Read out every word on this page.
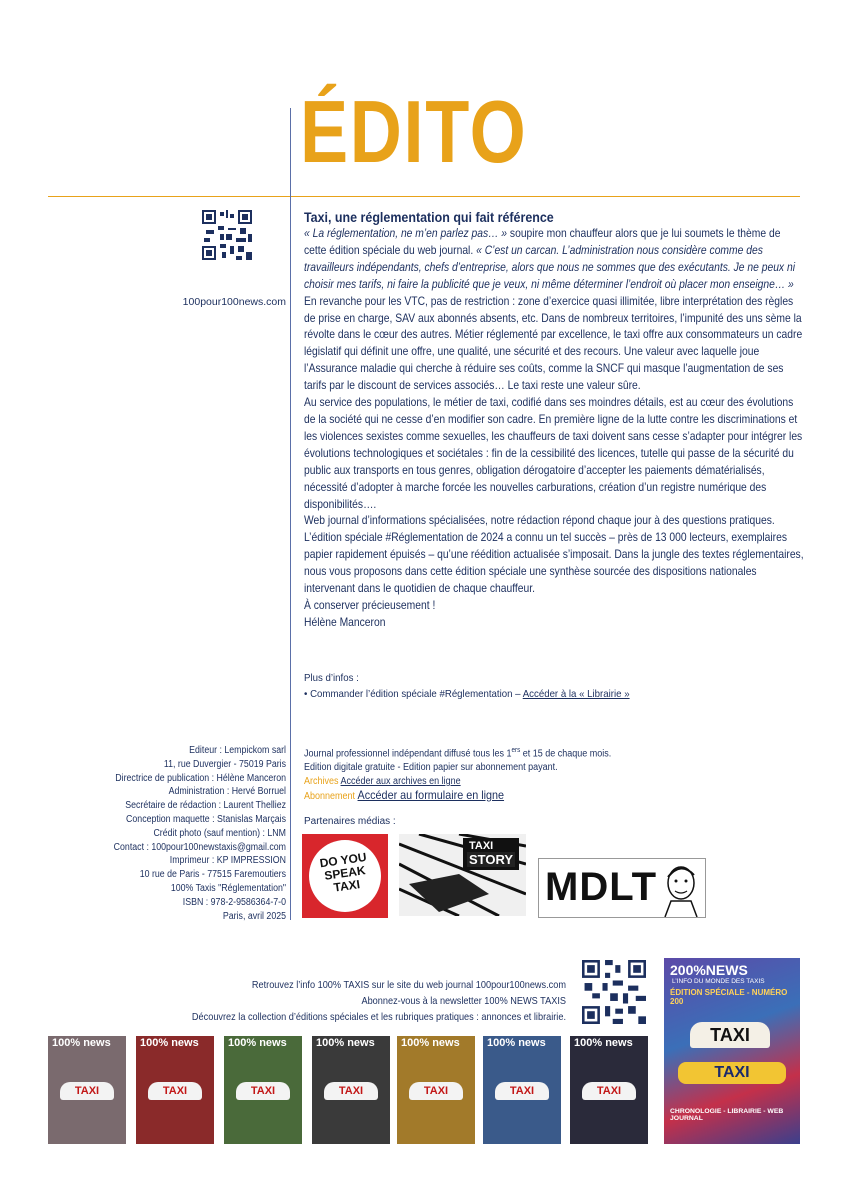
ÉDITO
100pour100news.com

Taxi, une réglementation qui fait référence

« La réglementation, ne m’en parlez pas… » soupire mon chauffeur alors que je lui soumets le thème de cette édition spéciale du web journal. « C’est un carcan. L’administration nous considère comme des travailleurs indépendants, chefs d’entreprise, alors que nous ne sommes que des exécutants. Je ne peux ni choisir mes tarifs, ni faire la publicité que je veux, ni même déterminer l’endroit où placer mon enseigne… » En revanche pour les VTC, pas de restriction : zone d’exercice quasi illimitée, libre interprétation des règles de prise en charge, SAV aux abonnés absents, etc. Dans de nombreux territoires, l’impunité des uns sème la révolte dans le cœur des autres. Métier réglementé par excellence, le taxi offre aux consommateurs un cadre législatif qui définit une offre, une qualité, une sécurité et des recours. Une valeur avec laquelle joue l’Assurance maladie qui cherche à réduire ses coûts, comme la SNCF qui masque l’augmentation de ses tarifs par le discount de services associés… Le taxi reste une valeur sûre.

Au service des populations, le métier de taxi, codifié dans ses moindres détails, est au cœur des évolutions de la société qui ne cesse d’en modifier son cadre. En première ligne de la lutte contre les discriminations et les violences sexistes comme sexuelles, les chauffeurs de taxi doivent sans cesse s’adapter pour intégrer les évolutions technologiques et sociétales : fin de la cessibilité des licences, tutelle qui passe de la sécurité du public aux transports en tous genres, obligation dérogatoire d’accepter les paiements dématérialisés, nécessité d’adopter à marche forcée les nouvelles carburations, création d’un registre numérique des disponibilités….

Web journal d’informations spécialisées, notre rédaction répond chaque jour à des questions pratiques. L’édition spéciale #Réglementation de 2024 a connu un tel succès – près de 13 000 lecteurs, exemplaires papier rapidement épuisés – qu’une réédition actualisée s’imposait. Dans la jungle des textes réglementaires, nous vous proposons dans cette édition spéciale une synthèse sourcée des dispositions nationales intervenant dans le quotidien de chaque chauffeur.

À conserver précieusement !

Hélène Manceron

Plus d’infos :
• Commander l’édition spéciale #Réglementation – Accéder à la « Librairie »
Editeur : Lempickom sarl
11, rue Duvergier - 75019 Paris
Directrice de publication : Hélène Manceron
Administration : Hervé Borruel
Secrétaire de rédaction : Laurent Thelliez
Conception maquette : Stanislas Marçais
Crédit photo (sauf mention) : LNM
Contact : 100pour100newstaxis@gmail.com
Imprimeur : KP IMPRESSION
10 rue de Paris - 77515 Faremoutiers
100% Taxis "Réglementation"
ISBN : 978-2-9586364-7-0
Paris, avril 2025
Journal professionnel indépendant diffusé tous les 1ers et 15 de chaque mois.
Edition digitale gratuite - Edition papier sur abonnement payant.
Archives Accéder aux archives en ligne
Abonnement Accéder au formulaire en ligne
Partenaires médias :
DO YOU SPEAK TAXI
TAXI
STORY
MDLT
Retrouvez l’info 100% TAXIS sur le site du web journal 100pour100news.com
Abonnez-vous à la newsletter 100% NEWS TAXIS
Découvrez la collection d’éditions spéciales et les rubriques pratiques : annonces et librairie.
200%NEWS
L’INFO DU MONDE DES TAXIS
ÉDITION SPÉCIALE - NUMÉRO 200
TAXI
TAXI
CHRONOLOGIE - LIBRAIRIE - WEB JOURNAL
100% news
TAXI
100% news
TAXI
100% news
TAXI
100% news
TAXI
100% news
TAXI
100% news
TAXI
100% news
TAXI
